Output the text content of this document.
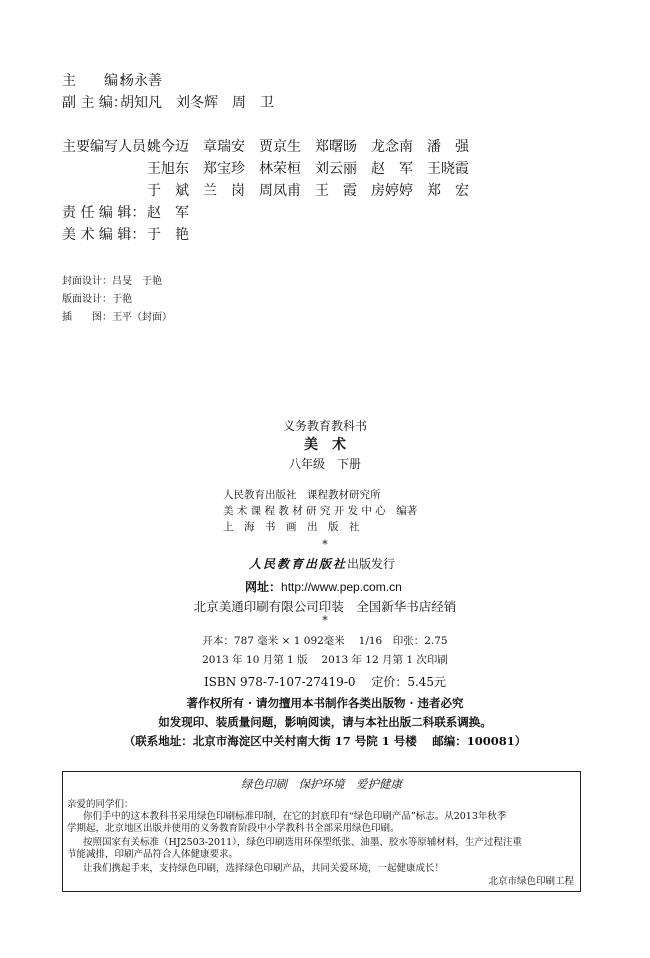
主　　编：杨永善
副 主 编：胡知凡　刘冬辉　周　卫
主要编写人员：姚今迈　章瑞安　贾京生　郑曙旸　龙念南　潘　强
王旭东　郑宝珍　林荣桓　刘云丽　赵　军　王晓霞
于　斌　兰　岗　周凤甫　王　霞　房婷婷　郑　宏
责 任 编 辑： 赵　军
美 术 编 辑： 于　艳
封面设计：吕旻　于艳
版面设计：于艳
插　　图：王平（封面）
义务教育教科书
美　术
八年级　下册
人民教育出版社　课程教材研究所
美 术 课 程 教 材 研 究 开 发 中 心　编著
上　海　书　画　出　版　社
*
人民教育出版社出版发行
网址：http://www.pep.com.cn
北京美通印刷有限公司印装　全国新华书店经销
*
开本：787 毫米 × 1 092毫米　 1/16　印张：2.75
2013 年 10 月第 1 版　 2013 年 12 月第 1 次印刷
ISBN 978-7-107-27419-0　 定价：5.45元
著作权所有 · 请勿擅用本书制作各类出版物 · 违者必究
如发现印、装质量问题，影响阅读，请与本社出版二科联系调换。
（联系地址：北京市海淀区中关村南大街 17 号院 1 号楼　 邮编：100081）
绿色印刷　保护环境　爱护健康
亲爱的同学们：
你们手中的这本教科书采用绿色印刷标准印制，在它的封底印有“绿色印刷产品”标志。从2013年秋季
学期起，北京地区出版并使用的义务教育阶段中小学教科书全部采用绿色印刷。
按照国家有关标准（HJ2503-2011），绿色印刷选用环保型纸张、油墨、胶水等原辅材料，生产过程注重
节能减排，印刷产品符合人体健康要求。
让我们携起手来，支持绿色印刷，选择绿色印刷产品，共同关爱环境，一起健康成长！
北京市绿色印刷工程
